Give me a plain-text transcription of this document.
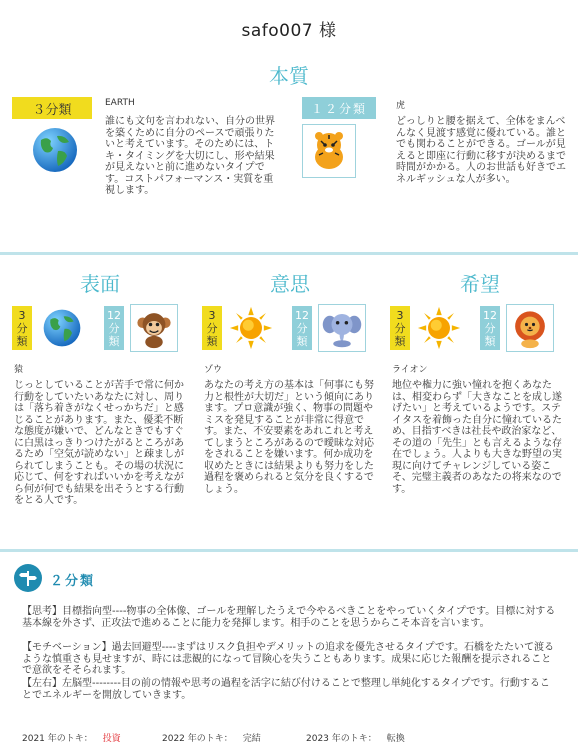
safo007 様
本質
３分類	EARTH
誰にも文句を言われない、自分の世界を築くために自分のペースで頑張りたいと考えています。そのためには、トキ・タイミングを大切にし、形や結果が見えないと前に進めないタイプです。コストパフォーマンス・実質を重視します。
１２分類	虎
どっしりと腰を据えて、全体をまんべんなく見渡す感覚に優れている。誰とでも関わることができる。ゴールが見えると即座に行動に移すが決めるまで時間がかかる。人のお世話も好きでエネルギッシュな人が多い。
表面
3
分
類
12
分
類
猿
じっとしていることが苦手で常に何か行動をしていたいあなたに対し、周りは「落ち着きがなくせっかちだ」と感じることがあります。また、優柔不断な態度が嫌いで、どんなときでもすぐに白黒はっきりつけたがるところがあるため「空気が読めない」と疎ましがられてしまうことも。その場の状況に応じて、何をすればいいかを考えながら何が何でも結果を出そうとする行動をとる人です。
意思
3
分
類
12
分
類
ゾウ
あなたの考え方の基本は「何事にも努力と根性が大切だ」という傾向にあります。プロ意識が強く、物事の問題やミスを発見することが非常に得意です。また、不安要素をあれこれと考えてしまうところがあるので曖昧な対応をされることを嫌います。何か成功を収めたときには結果よりも努力をした過程を褒められると気分を良くするでしょう。
希望
3
分
類
12
分
類
ライオン
地位や権力に強い憧れを抱くあなたは、相変わらず「大きなことを成し遂げたい」と考えているようです。ステイタスを着飾った自分に憧れているため、目指すべきは社長や政治家など、その道の「先生」とも言えるような存在でしょう。人よりも大きな野望の実現に向けてチャレンジしている姿こそ、完璧主義者のあなたの将来なのです。
２分類
【思考】目標指向型----物事の全体像、ゴールを理解したうえで今やるべきことをやっていくタイプです。目標に対する基本線を外さず、正攻法で進めることに能力を発揮します。相手のことを思うからこそ本音を言います。
【モチベーション】過去回避型----まずはリスク負担やデメリットの追求を優先させるタイプです。石橋をたたいて渡るような慎重さも見せますが、時には悲観的になって冒険心を失うこともあります。成果に応じた報酬を提示されることで意欲をそそられます。
【左右】左脳型--------目の前の情報や思考の過程を活字に結び付けることで整理し単純化するタイプです。行動することでエネルギーを開放していきます。
2021 年のトキ： 投資	2022 年のトキ： 完結	2023 年のトキ： 転換
